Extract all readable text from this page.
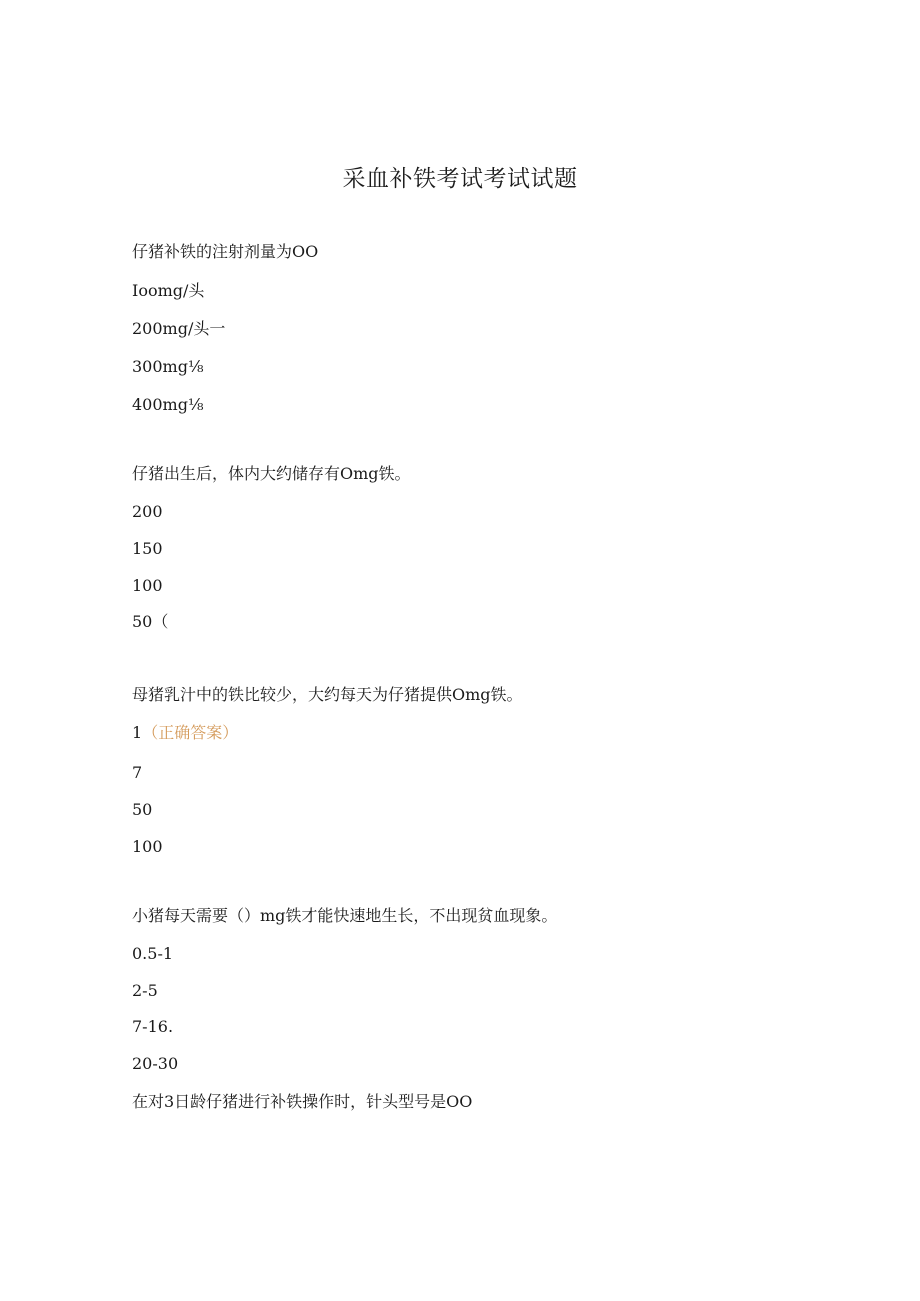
采血补铁考试考试试题
仔猪补铁的注射剂量为OO
Ioomg/头
200mg∕头一
300mg⅛
400mg⅛
仔猪出生后，体内大约储存有Omg铁。
200
150
100
50（
母猪乳汁中的铁比较少，大约每天为仔猪提供Omg铁。
1（正确答案）
7
50
100
小猪每天需要（）mg铁才能快速地生长，不出现贫血现象。
0.5-1
2-5
7-16.
20-30
在对3日龄仔猪进行补铁操作时，针头型号是OO
